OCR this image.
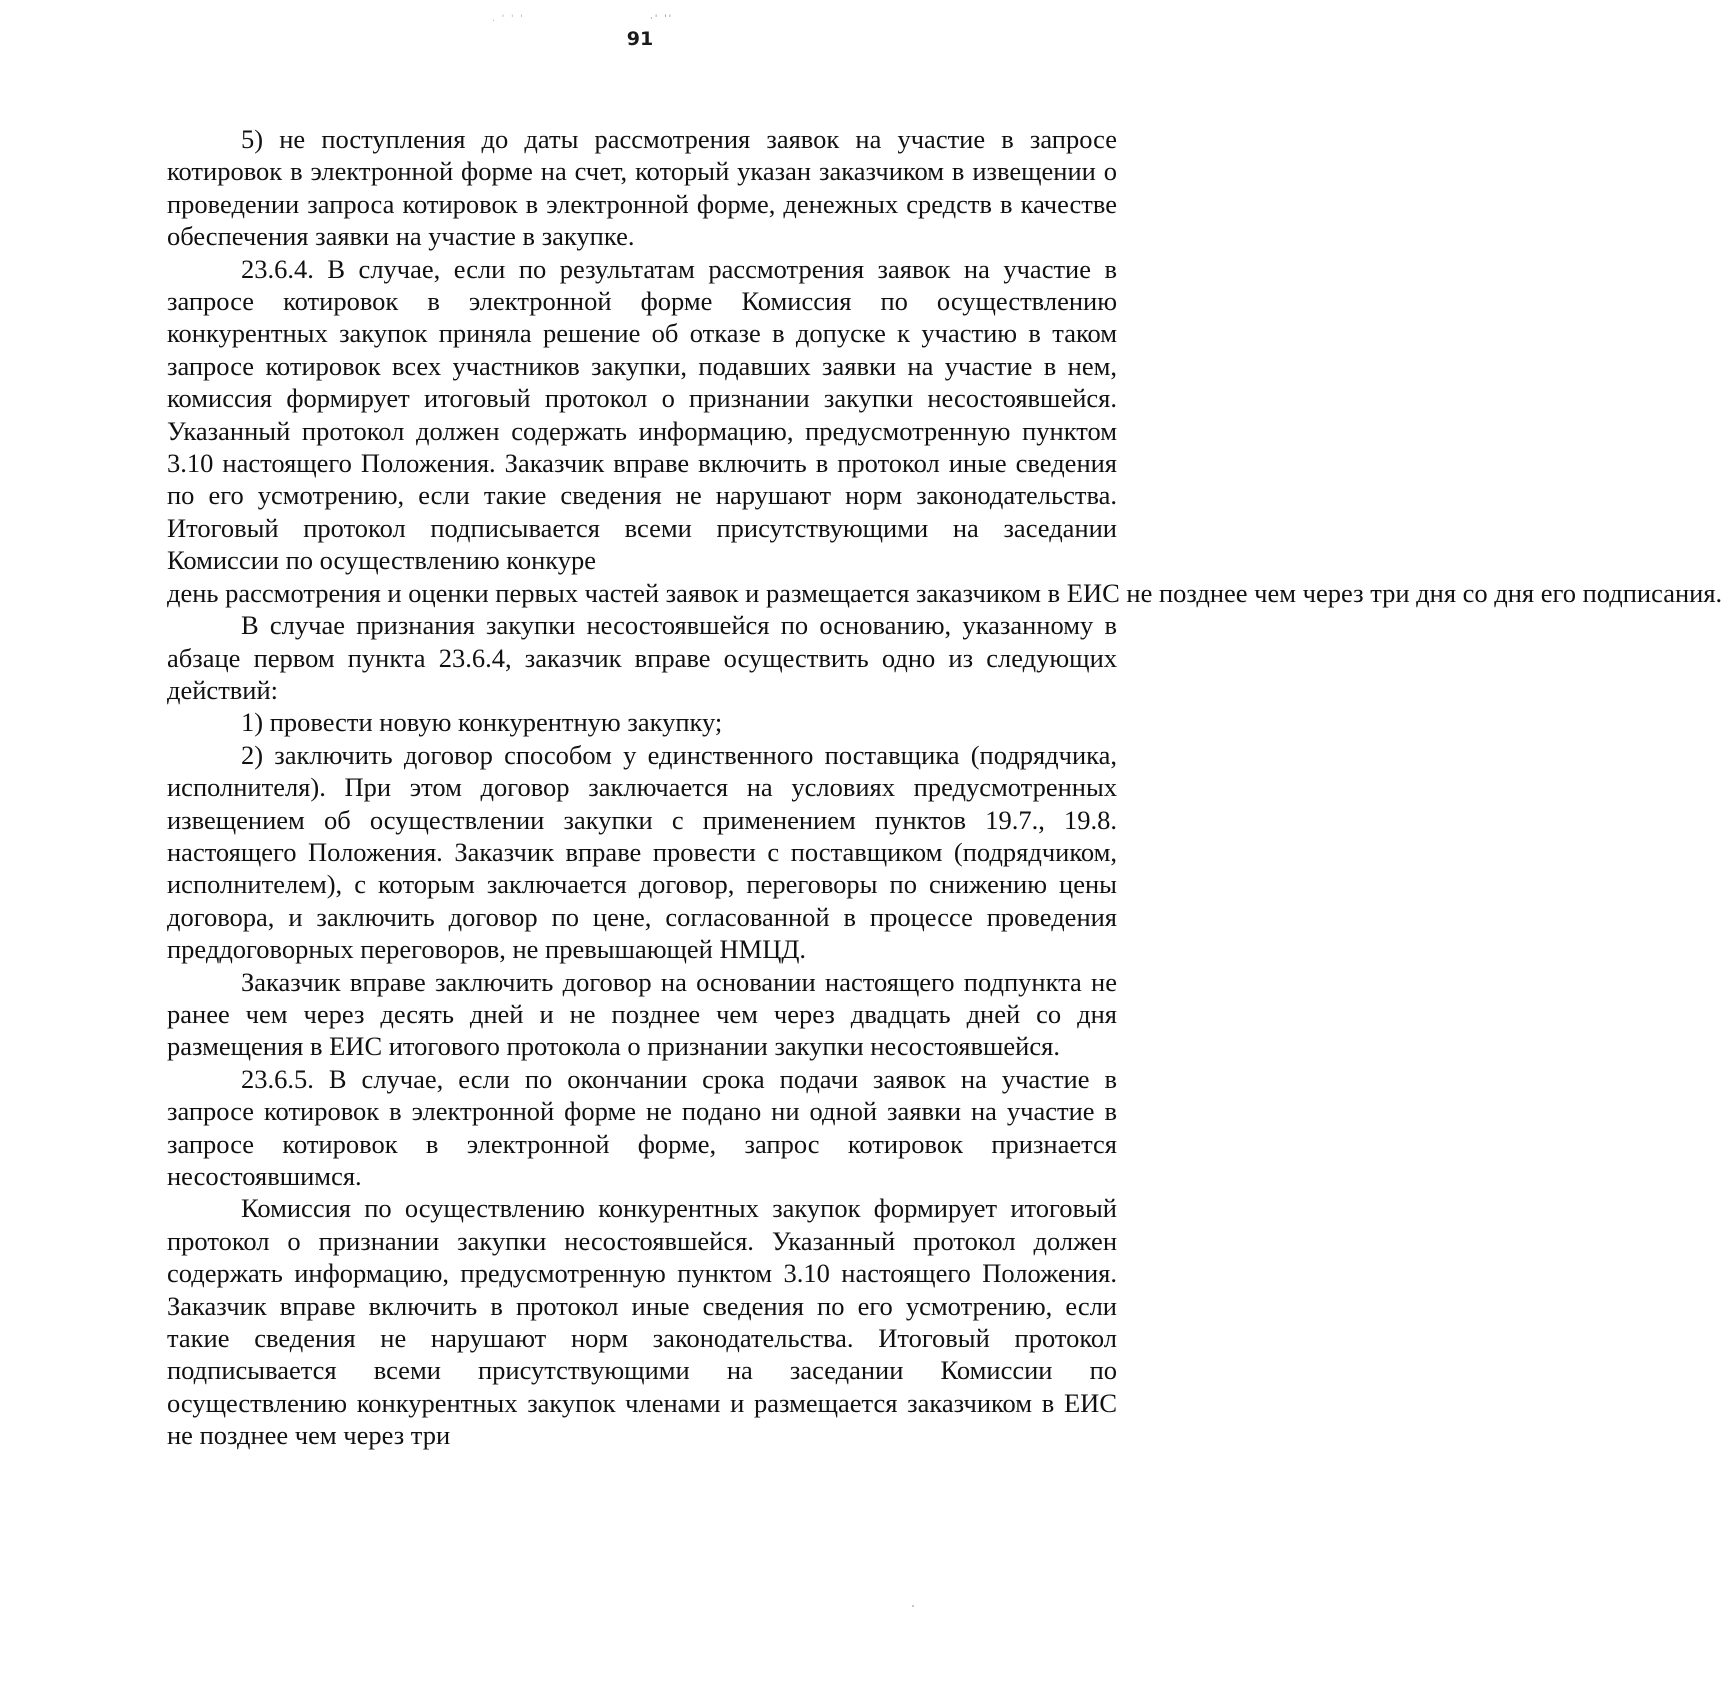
. ' ' '	·' ''
91

5) не поступления до даты рассмотрения заявок на участие в запросе котировок в электронной форме на счет, который указан заказчиком в извещении о проведении запроса котировок в электронной форме, денежных средств в качестве обеспечения заявки на участие в закупке.

23.6.4. В случае, если по результатам рассмотрения заявок на участие в запросе котировок в электронной форме Комиссия по осуществлению конкурентных закупок приняла решение об отказе в допуске к участию в таком запросе котировок всех участников закупки, подавших заявки на участие в нем, комиссия формирует итоговый протокол о признании закупки несостоявшейся. Указанный протокол должен содержать информацию, предусмотренную пунктом 3.10 настоящего Положения. Заказчик вправе включить в протокол иные сведения по его усмотрению, если такие сведения не нарушают норм законодательства. Итоговый протокол подписывается всеми присутствующими на заседании Комиссии по осуществлению конкуре

день рассмотрения и оценки первых частей заявок и размещается заказчиком в ЕИС не позднее чем через три дня со дня его подписания.

В случае признания закупки несостоявшейся по основанию, указанному в абзаце первом пункта 23.6.4, заказчик вправе осуществить одно из следующих действий:

1) провести новую конкурентную закупку;

2) заключить договор способом у единственного поставщика (подрядчика, исполнителя). При этом договор заключается на условиях предусмотренных извещением об осуществлении закупки с применением пунктов 19.7., 19.8. настоящего Положения. Заказчик вправе провести с поставщиком (подрядчиком, исполнителем), с которым заключается договор, переговоры по снижению цены договора, и заключить договор по цене, согласованной в процессе проведения преддоговорных переговоров, не превышающей НМЦД.

Заказчик вправе заключить договор на основании настоящего подпункта не ранее чем через десять дней и не позднее чем через двадцать дней со дня размещения в ЕИС итогового протокола о признании закупки несостоявшейся.

23.6.5. В случае, если по окончании срока подачи заявок на участие в запросе котировок в электронной форме не подано ни одной заявки на участие в запросе котировок в электронной форме, запрос котировок признается несостоявшимся.

Комиссия по осуществлению конкурентных закупок формирует итоговый протокол о признании закупки несостоявшейся. Указанный протокол должен содержать информацию, предусмотренную пунктом 3.10 настоящего Положения. Заказчик вправе включить в протокол иные сведения по его усмотрению, если такие сведения не нарушают норм законодательства. Итоговый протокол подписывается всеми присутствующими на заседании Комиссии по осуществлению конкурентных закупок членами и размещается заказчиком в ЕИС не позднее чем через три
